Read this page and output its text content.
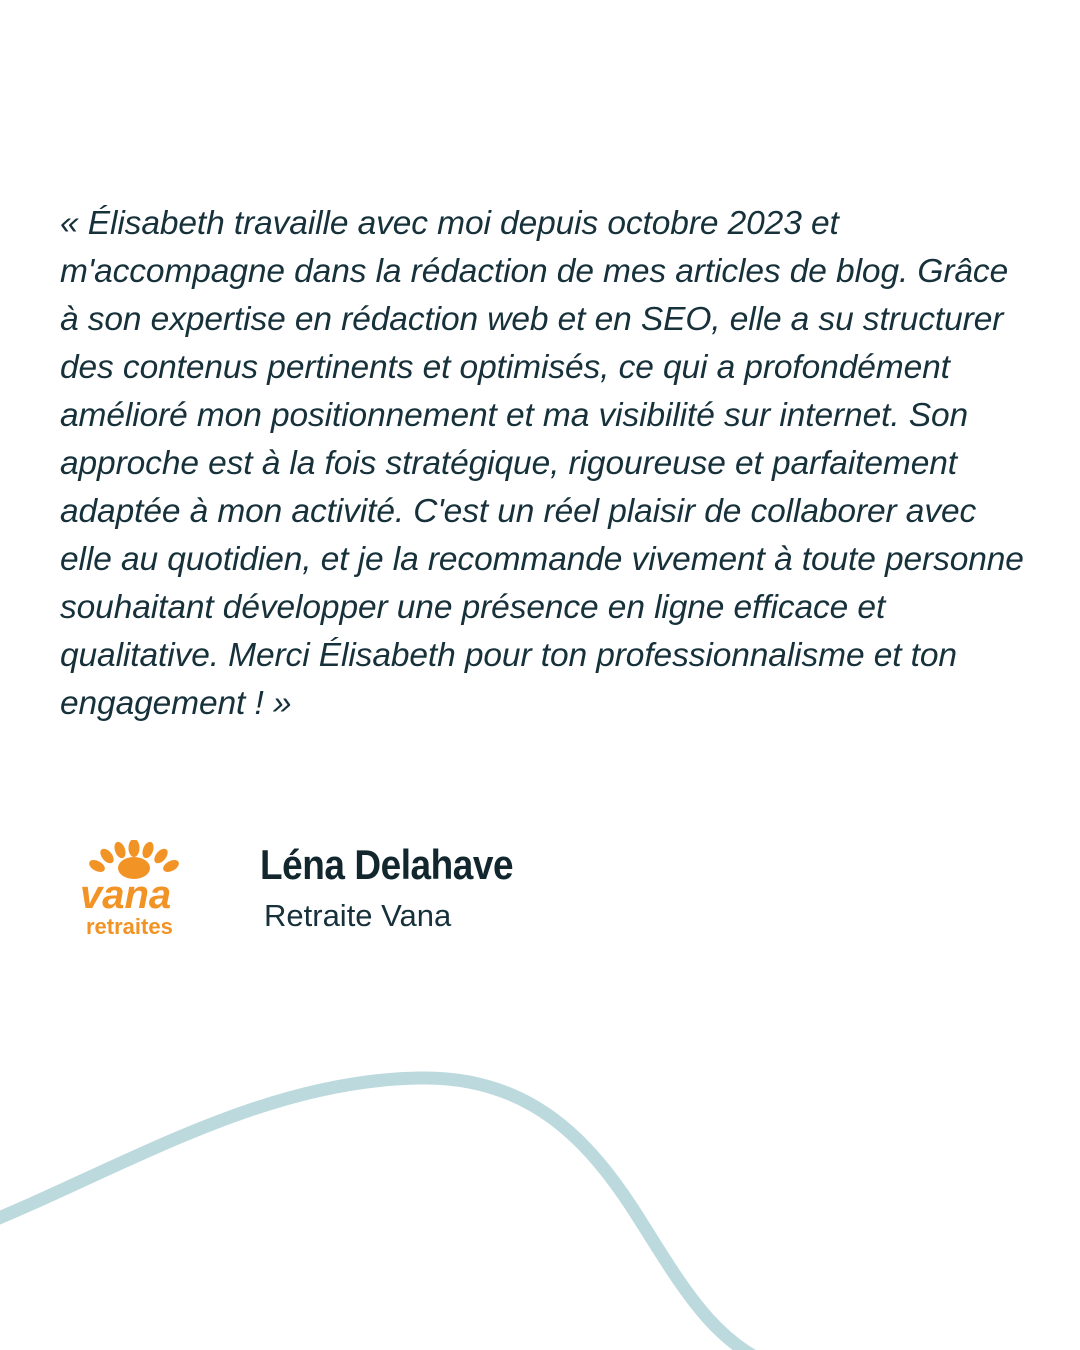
« Élisabeth travaille avec moi depuis octobre 2023 et m'accompagne dans la rédaction de mes articles de blog. Grâce à son expertise en rédaction web et en SEO, elle a su structurer des contenus pertinents et optimisés, ce qui a profondément amélioré mon positionnement et ma visibilité sur internet. Son approche est à la fois stratégique, rigoureuse et parfaitement adaptée à mon activité. C'est un réel plaisir de collaborer avec elle au quotidien, et je la recommande vivement à toute personne souhaitant développer une présence en ligne efficace et qualitative. Merci Élisabeth pour ton professionnalisme et ton engagement ! »
vana
retraites
Léna Delahave
Retraite Vana
